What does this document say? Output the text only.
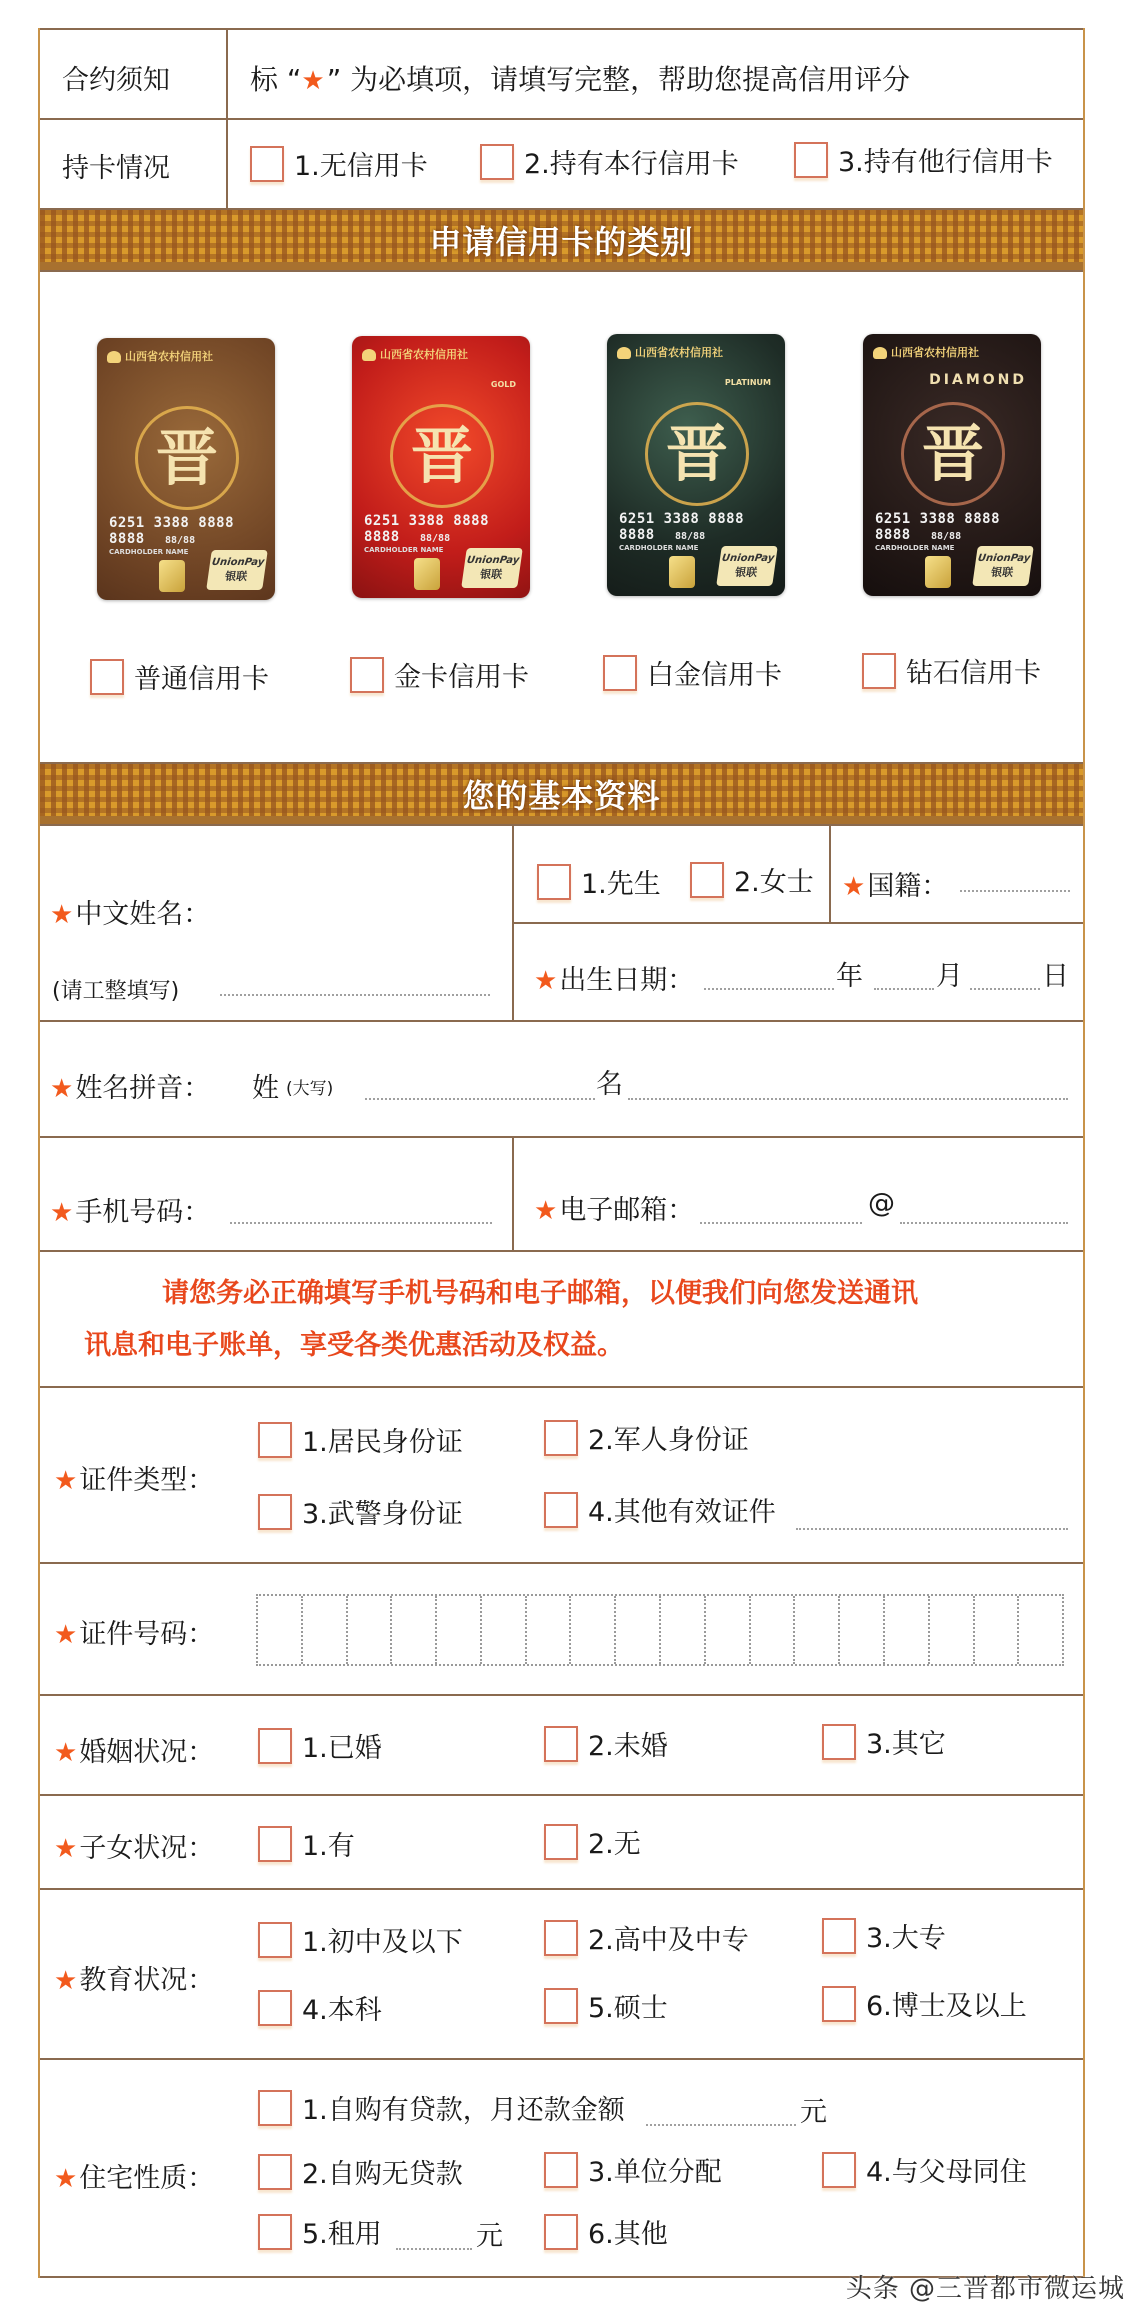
合约须知	标 “★” 为必填项，请填写完整，帮助您提高信用评分
持卡情况	1.无信用卡	2.持有本行信用卡	3.持有他行信用卡
申请信用卡的类别
山西省农村信用社
晋
6251 3388 8888 8888	88/88
CARDHOLDER NAME
UnionPay
银联
山西省农村信用社
GOLD
晋
6251 3388 8888 8888	88/88
CARDHOLDER NAME
UnionPay
银联
山西省农村信用社
PLATINUM
晋
6251 3388 8888 8888	88/88
CARDHOLDER NAME
UnionPay
银联
山西省农村信用社
DIAMOND
晋
6251 3388 8888 8888	88/88
CARDHOLDER NAME
UnionPay
银联
普通信用卡	金卡信用卡	白金信用卡	钻石信用卡
您的基本资料
★中文姓名：
(请工整填写)
1.先生	2.女士 ★国籍：
★出生日期：	年	月	日
★姓名拼音： 姓 (大写)	名
★手机号码：	★电子邮箱：	@
请您务必正确填写手机号码和电子邮箱，以便我们向您发送通讯
讯息和电子账单，享受各类优惠活动及权益。
★证件类型：
1.居民身份证	2.军人身份证
3.武警身份证	4.其他有效证件
★证件号码：
★婚姻状况：	1.已婚	2.未婚	3.其它
★子女状况：	1.有	2.无
★教育状况：
1.初中及以下	2.高中及中专	3.大专
4.本科	5.硕士	6.博士及以上
★住宅性质：
1.自购有贷款，月还款金额	元
2.自购无贷款	3.单位分配	4.与父母同住
5.租用	元	6.其他
头条 @三晋都市微运城
